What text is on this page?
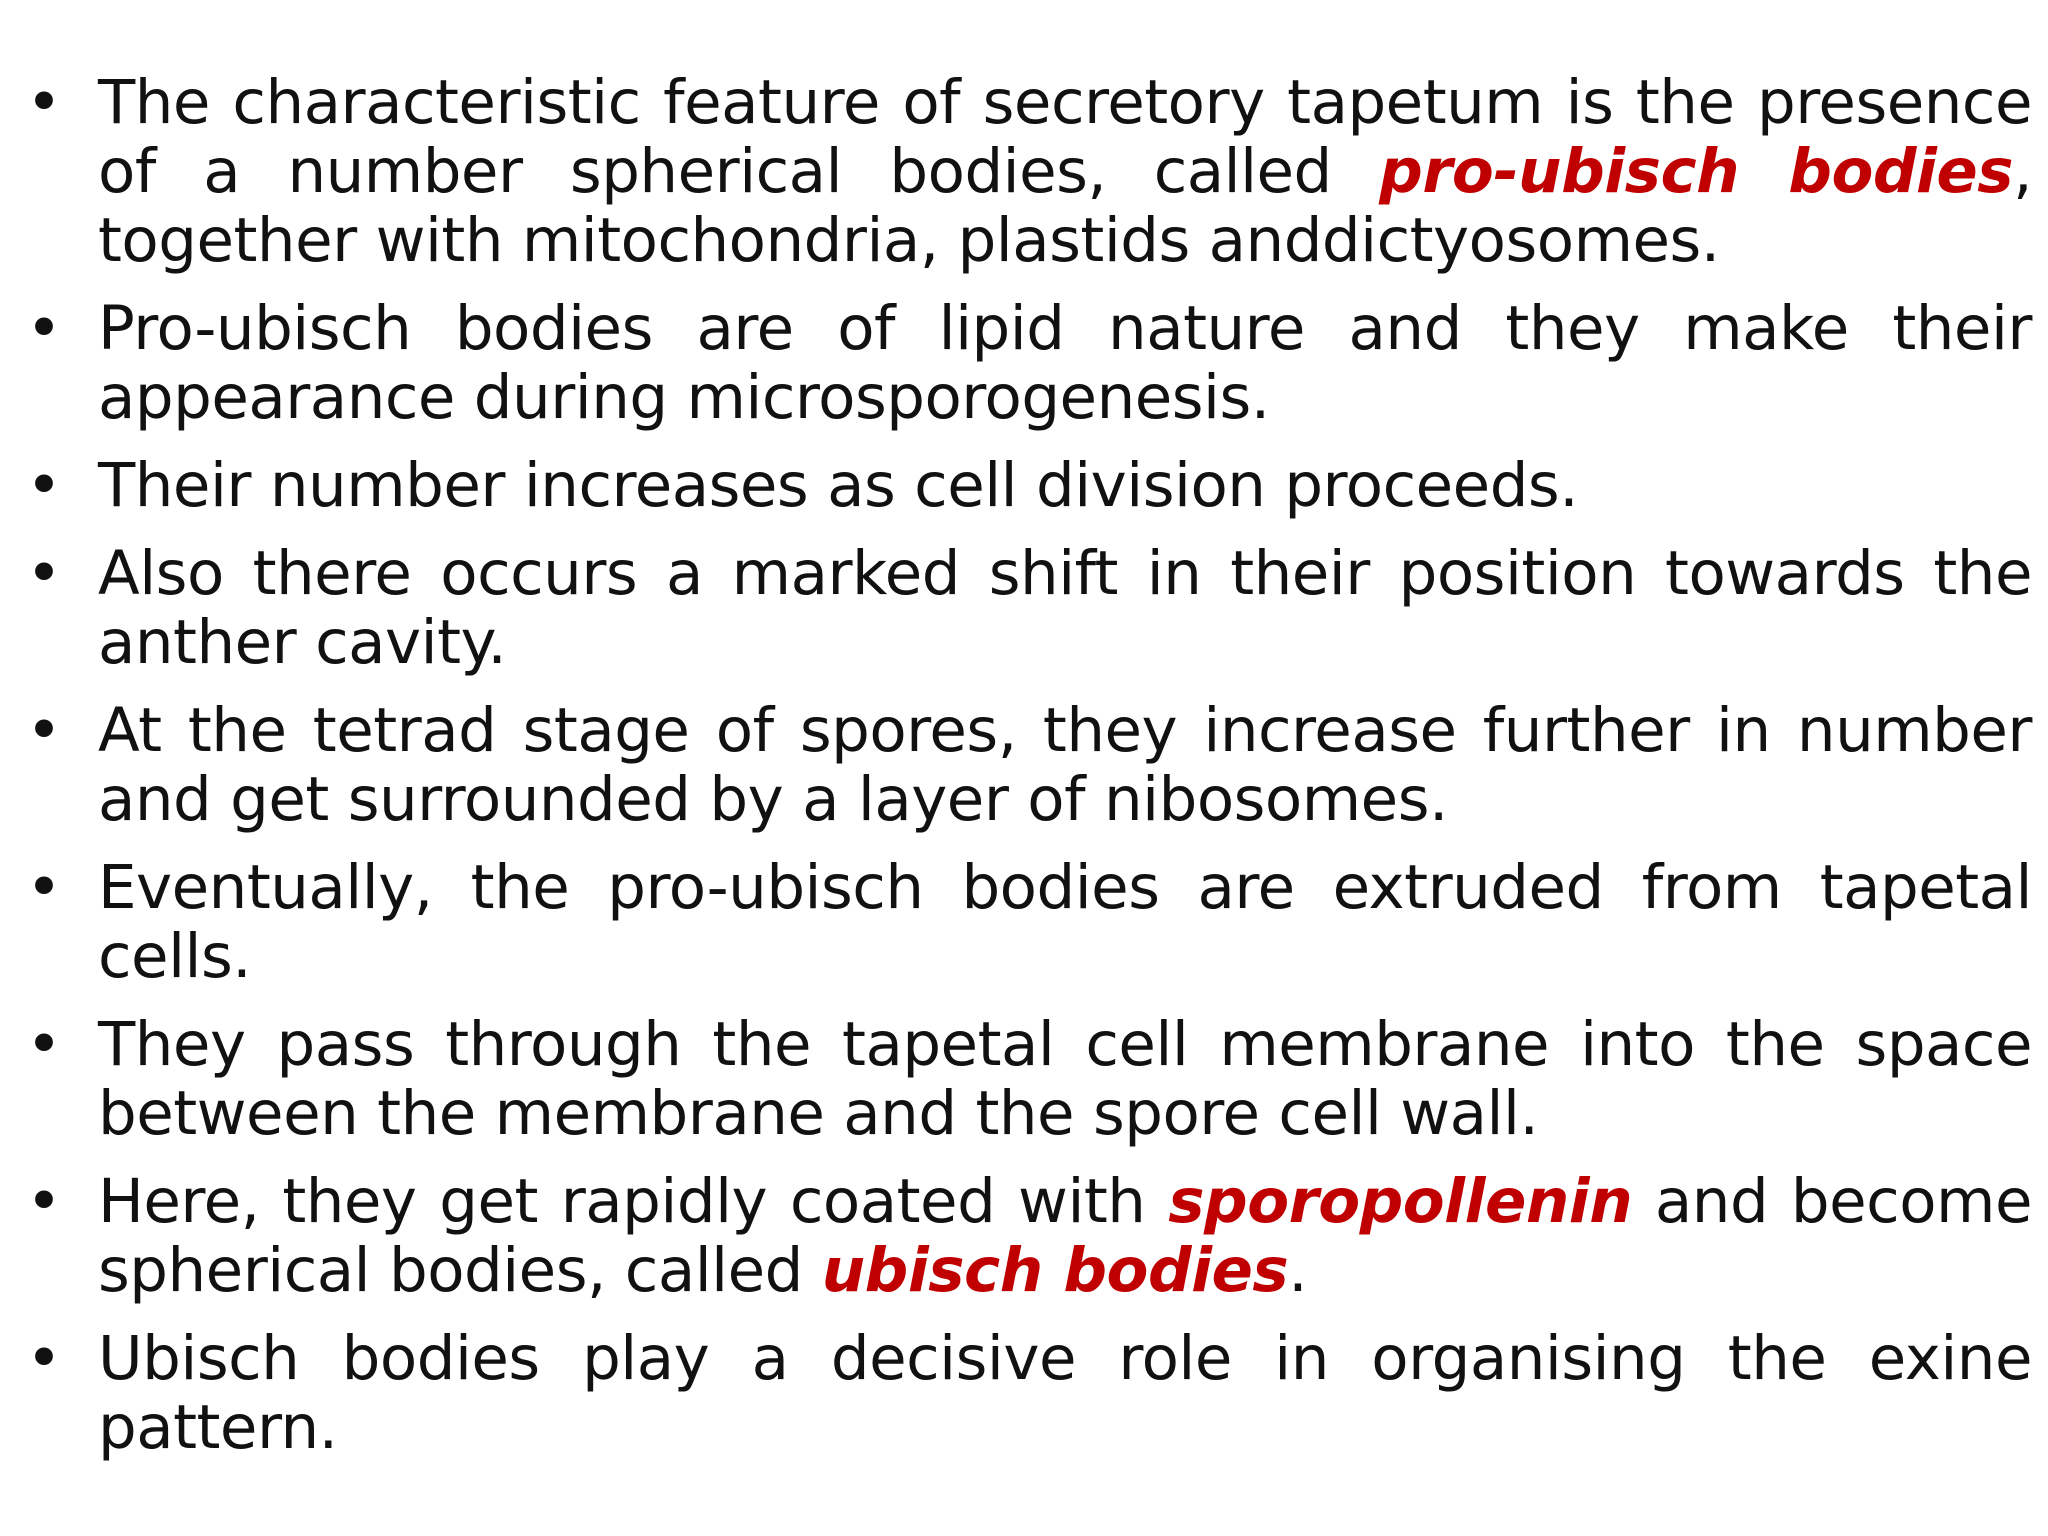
• The characteristic feature of secretory tapetum is the presence of a number spherical bodies, called pro-ubisch bodies, together with mitochondria, plastids anddictyosomes.
• Pro-ubisch bodies are of lipid nature and they make their appearance during microsporogenesis.
• Their number increases as cell division proceeds.
• Also there occurs a marked shift in their position towards the anther cavity.
• At the tetrad stage of spores, they increase further in number and get surrounded by a layer of nibosomes.
• Eventually, the pro-ubisch bodies are extruded from tapetal cells.
• They pass through the tapetal cell membrane into the space between the membrane and the spore cell wall.
• Here, they get rapidly coated with sporopollenin and become spherical bodies, called ubisch bodies.
• Ubisch bodies play a decisive role in organising the exine pattern.
